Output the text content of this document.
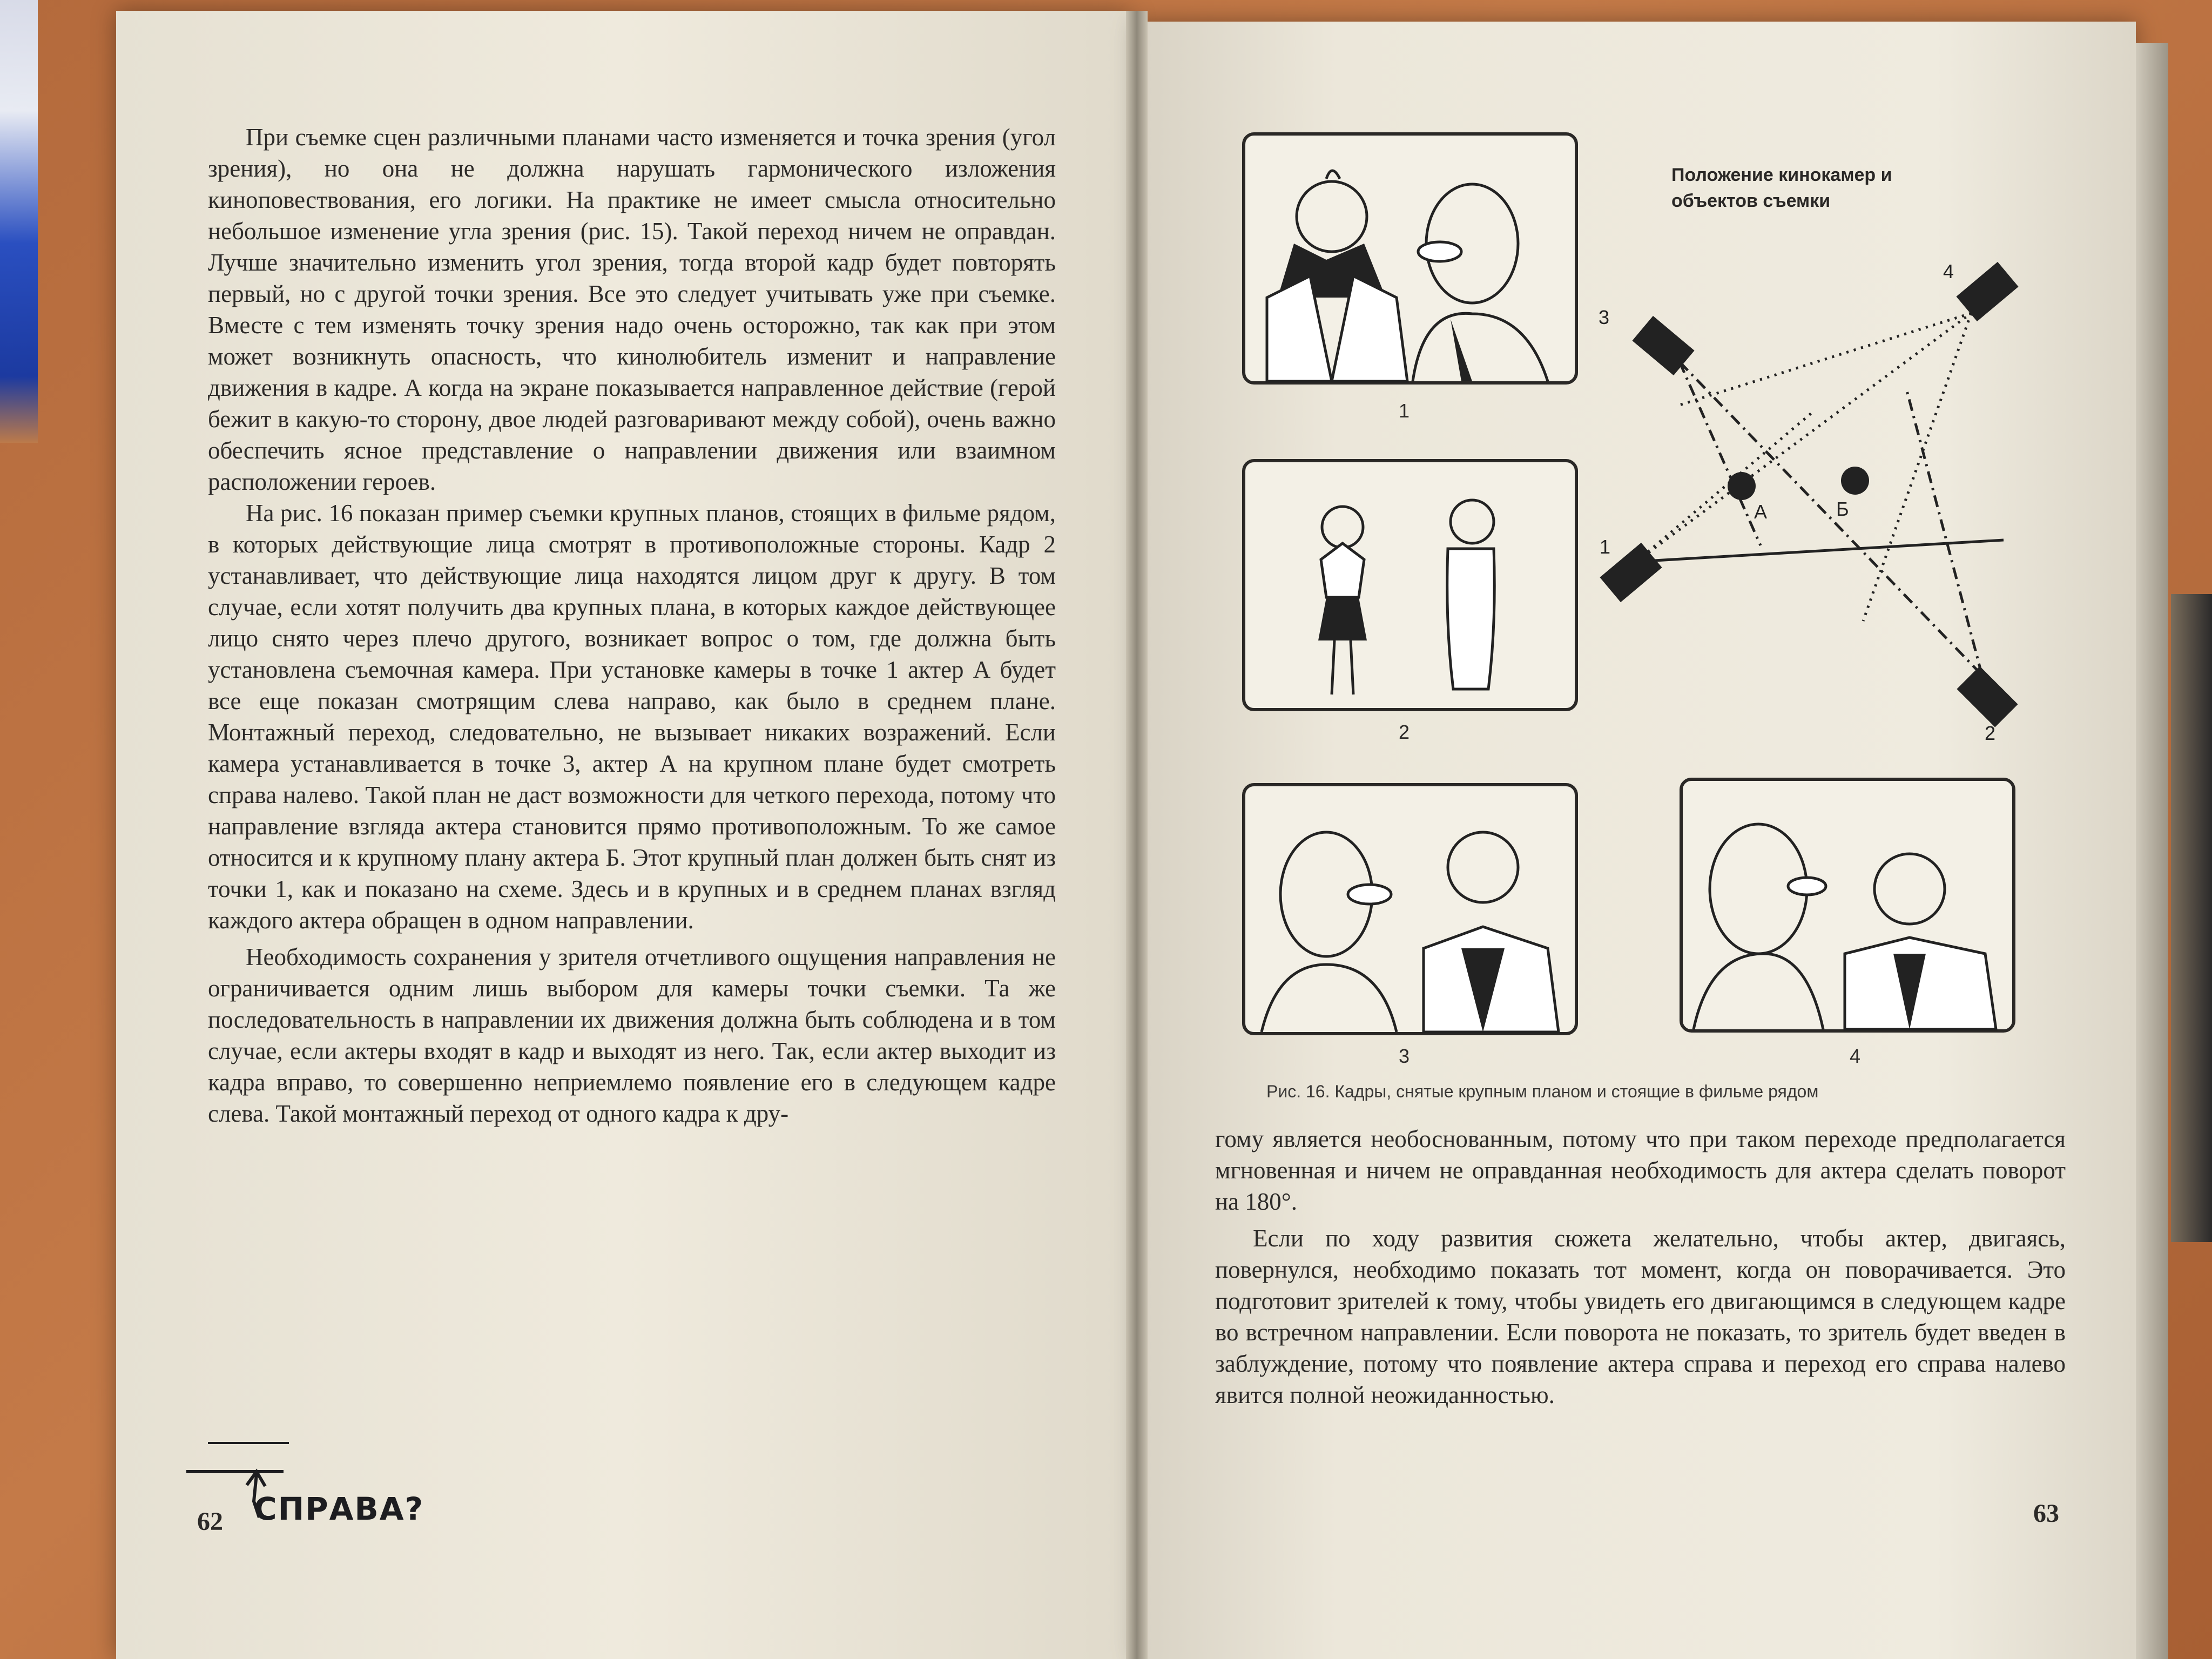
При съемке сцен различными планами часто изменяется и точка зрения (угол зрения), но она не должна нарушать гармонического изложения киноповествования, его логики. На практике не имеет смысла относительно небольшое изменение угла зрения (рис. 15). Такой переход ничем не оправдан. Лучше значительно изменить угол зрения, тогда второй кадр будет повторять первый, но с другой точки зрения. Все это следует учитывать уже при съемке. Вместе с тем изменять точку зрения надо очень осторожно, так как при этом может возникнуть опасность, что кинолюбитель изменит и направление движения в кадре. А когда на экране показывается направленное действие (герой бежит в какую-то сторону, двое людей разговаривают между собой), очень важно обеспечить ясное представление о направлении движения или взаимном расположении героев.

На рис. 16 показан пример съемки крупных планов, стоящих в фильме рядом, в которых действующие лица смотрят в противоположные стороны. Кадр 2 устанавливает, что действующие лица находятся лицом друг к другу. В том случае, если хотят получить два крупных плана, в которых каждое действующее лицо снято через плечо другого, возникает вопрос о том, где должна быть установлена съемочная камера. При установке камеры в точке 1 актер А будет все еще показан смотрящим слева направо, как было в среднем плане. Монтажный переход, следовательно, не вызывает никаких возражений. Если камера устанавливается в точке 3, актер А на крупном плане будет смотреть справа налево. Такой план не даст возможности для четкого перехода, потому что направление взгляда актера становится прямо противоположным. То же самое относится и к крупному плану актера Б. Этот крупный план должен быть снят из точки 1, как и показано на схеме. Здесь и в крупных и в среднем планах взгляд каждого актера обращен в одном направлении.

Необходимость сохранения у зрителя отчетливого ощущения направления не ограничивается одним лишь выбором для камеры точки съемки. Та же последовательность в направлении их движения должна быть соблюдена и в том случае, если актеры входят в кадр и выходят из него. Так, если актер выходит из кадра вправо, то совершенно неприемлемо появление его в следующем кадре слева. Такой монтажный переход от одного кадра к дру-

СПРАВА?
62
1
2
3	4
Положение кинокамер и объектов съемки
1
2
3
4
А	Б
Рис. 16. Кадры, снятые крупным планом и стоящие в фильме рядом

гому является необоснованным, потому что при таком переходе предполагается мгновенная и ничем не оправданная необходимость для актера сделать поворот на 180°.

Если по ходу развития сюжета желательно, чтобы актер, двигаясь, повернулся, необходимо показать тот момент, когда он поворачивается. Это подготовит зрителей к тому, чтобы увидеть его двигающимся в следующем кадре во встречном направлении. Если поворота не показать, то зритель будет введен в заблуждение, потому что появление актера справа и переход его справа налево явится полной неожиданностью.

63
